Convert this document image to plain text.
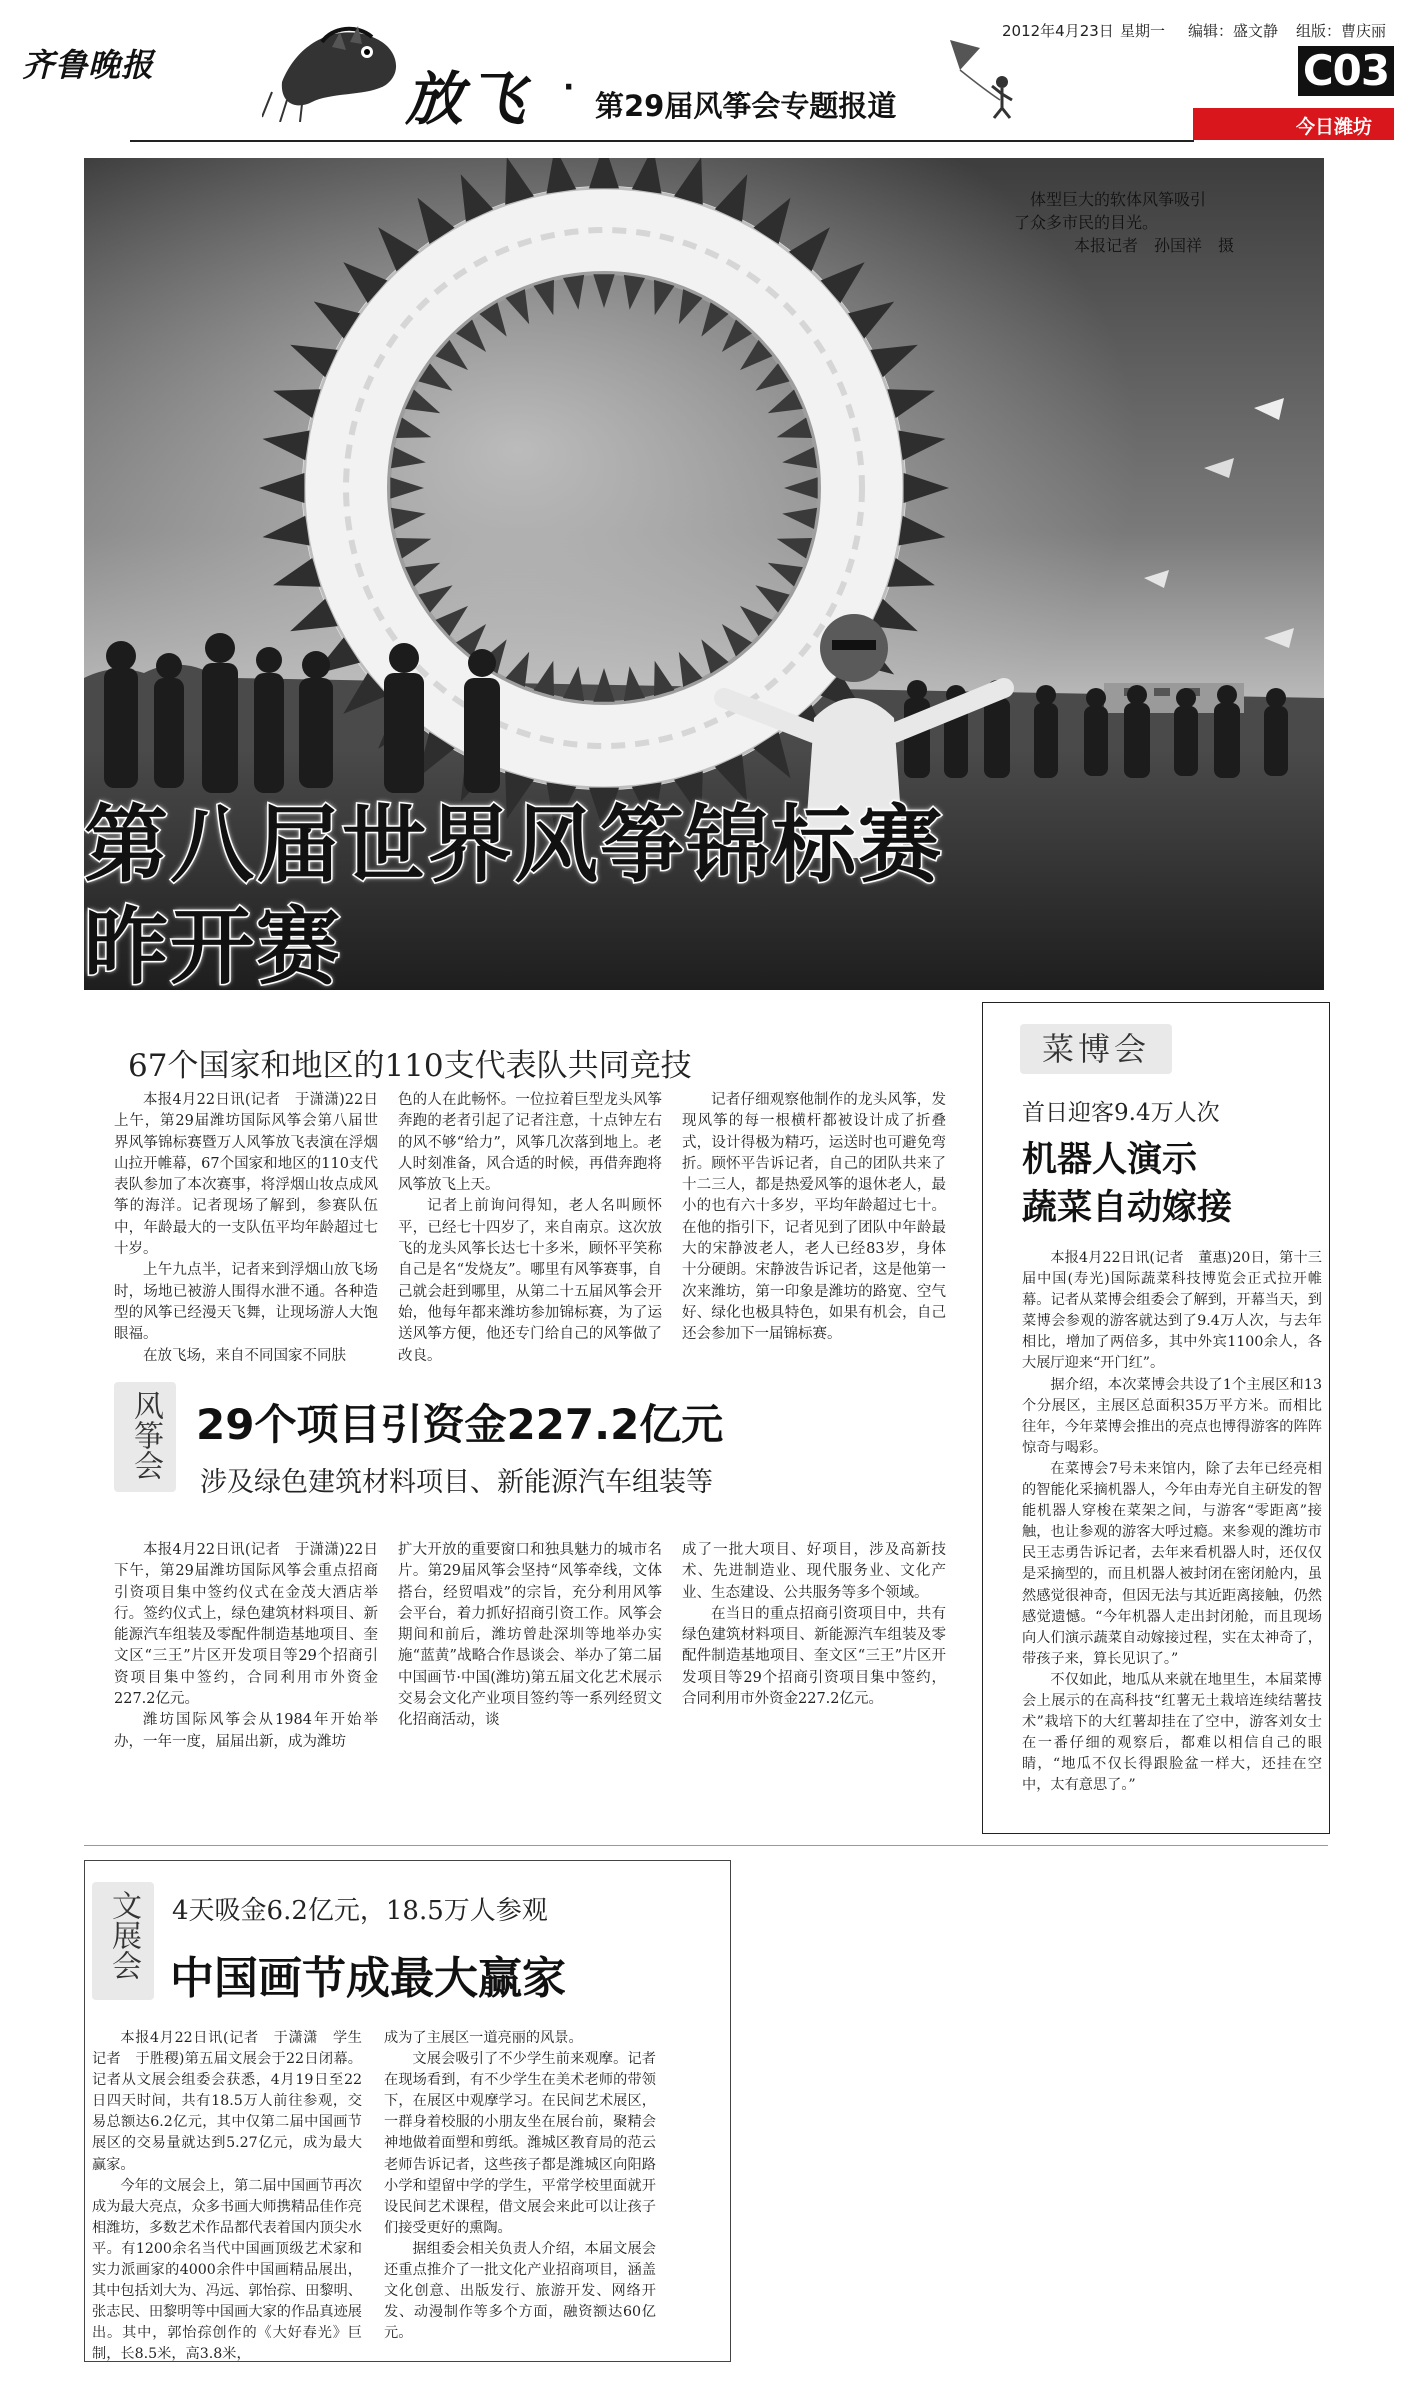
齐鲁晚报	放飞 ·
第29届风筝会专题报道
2012年4月23日 星期一 编辑：盛文静 组版：曹庆丽
C03
今日潍坊
体型巨大的软体风筝吸引
了众多市民的目光。
本报记者　孙国祥　摄
第八届世界风筝锦标赛
昨开赛
67个国家和地区的110支代表队共同竞技

本报4月22日讯(记者　于潇潇)22日上午，第29届潍坊国际风筝会第八届世界风筝锦标赛暨万人风筝放飞表演在浮烟山拉开帷幕，67个国家和地区的110支代表队参加了本次赛事，将浮烟山妆点成风筝的海洋。记者现场了解到，参赛队伍中，年龄最大的一支队伍平均年龄超过七十岁。

上午九点半，记者来到浮烟山放飞场时，场地已被游人围得水泄不通。各种造型的风筝已经漫天飞舞，让现场游人大饱眼福。

在放飞场，来自不同国家不同肤

色的人在此畅怀。一位拉着巨型龙头风筝奔跑的老者引起了记者注意，十点钟左右的风不够“给力”，风筝几次落到地上。老人时刻准备，风合适的时候，再借奔跑将风筝放飞上天。

记者上前询问得知，老人名叫顾怀平，已经七十四岁了，来自南京。这次放飞的龙头风筝长达七十多米，顾怀平笑称自己是名“发烧友”。哪里有风筝赛事，自己就会赶到哪里，从第二十五届风筝会开始，他每年都来潍坊参加锦标赛，为了运送风筝方便，他还专门给自己的风筝做了改良。

记者仔细观察他制作的龙头风筝，发现风筝的每一根横杆都被设计成了折叠式，设计得极为精巧，运送时也可避免弯折。顾怀平告诉记者，自己的团队共来了十二三人，都是热爱风筝的退休老人，最小的也有六十多岁，平均年龄超过七十。在他的指引下，记者见到了团队中年龄最大的宋静波老人，老人已经83岁，身体十分硬朗。宋静波告诉记者，这是他第一次来潍坊，第一印象是潍坊的路宽、空气好、绿化也极具特色，如果有机会，自己还会参加下一届锦标赛。

风筝会 29个项目引资金227.2亿元
涉及绿色建筑材料项目、新能源汽车组装等

本报4月22日讯(记者　于潇潇)22日下午，第29届潍坊国际风筝会重点招商引资项目集中签约仪式在金茂大酒店举行。签约仪式上，绿色建筑材料项目、新能源汽车组装及零配件制造基地项目、奎文区“三王”片区开发项目等29个招商引资项目集中签约，合同利用市外资金227.2亿元。

潍坊国际风筝会从1984年开始举办，一年一度，届届出新，成为潍坊

扩大开放的重要窗口和独具魅力的城市名片。第29届风筝会坚持“风筝牵线，文体搭台，经贸唱戏”的宗旨，充分利用风筝会平台，着力抓好招商引资工作。风筝会期间和前后，潍坊曾赴深圳等地举办实施“蓝黄”战略合作恳谈会、举办了第二届中国画节·中国(潍坊)第五届文化艺术展示交易会文化产业项目签约等一系列经贸文化招商活动，谈

成了一批大项目、好项目，涉及高新技术、先进制造业、现代服务业、文化产业、生态建设、公共服务等多个领域。

在当日的重点招商引资项目中，共有绿色建筑材料项目、新能源汽车组装及零配件制造基地项目、奎文区“三王”片区开发项目等29个招商引资项目集中签约，合同利用市外资金227.2亿元。

菜博会
首日迎客9.4万人次
机器人演示
蔬菜自动嫁接

本报4月22日讯(记者　董惠)20日，第十三届中国(寿光)国际蔬菜科技博览会正式拉开帷幕。记者从菜博会组委会了解到，开幕当天，到菜博会参观的游客就达到了9.4万人次，与去年相比，增加了两倍多，其中外宾1100余人，各大展厅迎来“开门红”。

据介绍，本次菜博会共设了1个主展区和13个分展区，主展区总面积35万平方米。而相比往年，今年菜博会推出的亮点也博得游客的阵阵惊奇与喝彩。

在菜博会7号未来馆内，除了去年已经亮相的智能化采摘机器人，今年由寿光自主研发的智能机器人穿梭在菜架之间，与游客“零距离”接触，也让参观的游客大呼过瘾。来参观的潍坊市民王志勇告诉记者，去年来看机器人时，还仅仅是采摘型的，而且机器人被封闭在密闭舱内，虽然感觉很神奇，但因无法与其近距离接触，仍然感觉遗憾。“今年机器人走出封闭舱，而且现场向人们演示蔬菜自动嫁接过程，实在太神奇了，带孩子来，算长见识了。”

不仅如此，地瓜从来就在地里生，本届菜博会上展示的在高科技“红薯无土栽培连续结薯技术”栽培下的大红薯却挂在了空中，游客刘女士在一番仔细的观察后，都难以相信自己的眼睛，“地瓜不仅长得跟脸盆一样大，还挂在空中，太有意思了。”

文展会	4天吸金6.2亿元，18.5万人参观
中国画节成最大赢家

本报4月22日讯(记者　于潇潇　学生记者　于胜稷)第五届文展会于22日闭幕。记者从文展会组委会获悉，4月19日至22日四天时间，共有18.5万人前往参观，交易总额达6.2亿元，其中仅第二届中国画节展区的交易量就达到5.27亿元，成为最大赢家。

今年的文展会上，第二届中国画节再次成为最大亮点，众多书画大师携精品佳作亮相潍坊，多数艺术作品都代表着国内顶尖水平。有1200余名当代中国画顶级艺术家和实力派画家的4000余件中国画精品展出，其中包括刘大为、冯远、郭怡孮、田黎明、张志民、田黎明等中国画大家的作品真迹展出。其中，郭怡孮创作的《大好春光》巨制，长8.5米，高3.8米，

成为了主展区一道亮丽的风景。

文展会吸引了不少学生前来观摩。记者在现场看到，有不少学生在美术老师的带领下，在展区中观摩学习。在民间艺术展区，一群身着校服的小朋友坐在展台前，聚精会神地做着面塑和剪纸。潍城区教育局的范云老师告诉记者，这些孩子都是潍城区向阳路小学和望留中学的学生，平常学校里面就开设民间艺术课程，借文展会来此可以让孩子们接受更好的熏陶。

据组委会相关负责人介绍，本届文展会还重点推介了一批文化产业招商项目，涵盖文化创意、出版发行、旅游开发、网络开发、动漫制作等多个方面，融资额达60亿元。
